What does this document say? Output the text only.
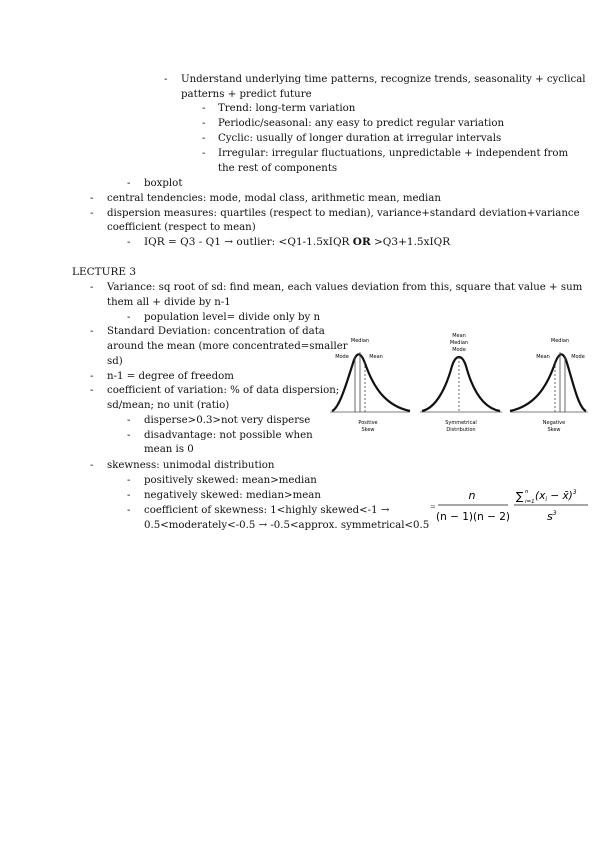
- Understand underlying time patterns, recognize trends, seasonality + cyclical
patterns + predict future
- Trend: long-term variation
- Periodic/seasonal: any easy to predict regular variation
- Cyclic: usually of longer duration at irregular intervals
- Irregular: irregular fluctuations, unpredictable + independent from
the rest of components
- boxplot
- central tendencies: mode, modal class, arithmetic mean, median
- dispersion measures: quartiles (respect to median), variance+standard deviation+variance
coefficient (respect to mean)
- IQR = Q3 - Q1 → outlier: <Q1-1.5xIQR OR >Q3+1.5xIQR
LECTURE 3
- Variance: sq root of sd: find mean, each values deviation from this, square that value + sum
them all + divide by n-1
- population level= divide only by n
- Standard Deviation: concentration of data
around the mean (more concentrated=smaller
sd)
- n-1 = degree of freedom
- coefficient of variation: % of data dispersion;
sd/mean; no unit (ratio)
- disperse>0.3>not very disperse
- disadvantage: not possible when
mean is 0
- skewness: unimodal distribution
- positively skewed: mean>median
- negatively skewed: median>mean
- coefficient of skewness: 1<highly skewed<-1 →
0.5<moderately<-0.5 → -0.5<approx. symmetrical<0.5
Median
Mode	Mean
Positive
Skew
Mean
Median
Mode
Symmetrical
Distribution
Median
Mean	Mode
Negative
Skew
=
n
(n − 1)(n − 2)
∑ n
i=1 (xi − x̄)$^3$
$s^3$
